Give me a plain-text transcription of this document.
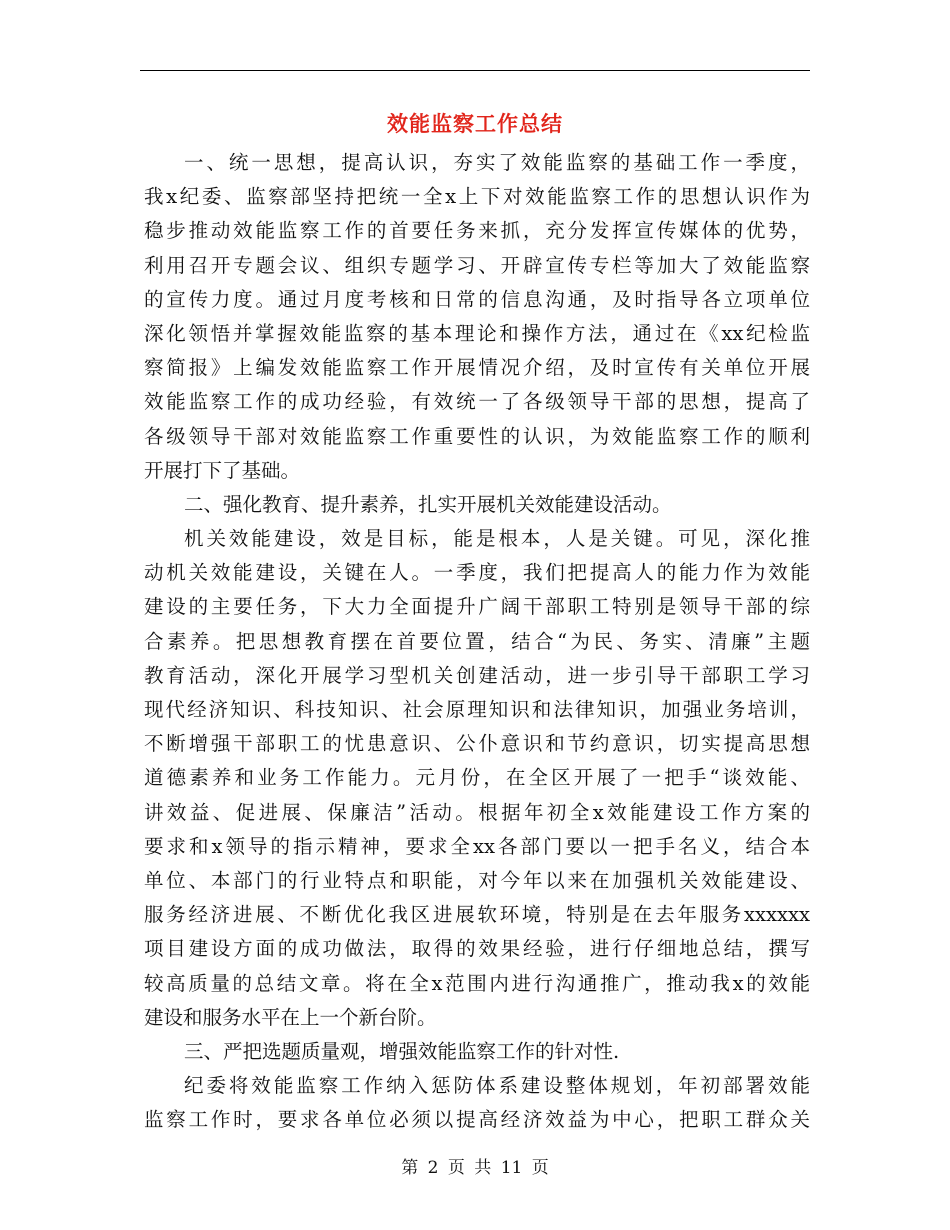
效能监察工作总结
一、统一思想，提高认识，夯实了效能监察的基础工作一季度，
我x纪委、监察部坚持把统一全x上下对效能监察工作的思想认识作为
稳步推动效能监察工作的首要任务来抓，充分发挥宣传媒体的优势，
利用召开专题会议、组织专题学习、开辟宣传专栏等加大了效能监察
的宣传力度。通过月度考核和日常的信息沟通，及时指导各立项单位
深化领悟并掌握效能监察的基本理论和操作方法，通过在《xx纪检监
察简报》上编发效能监察工作开展情况介绍，及时宣传有关单位开展
效能监察工作的成功经验，有效统一了各级领导干部的思想，提高了
各级领导干部对效能监察工作重要性的认识，为效能监察工作的顺利
开展打下了基础。
二、强化教育、提升素养，扎实开展机关效能建设活动。
机关效能建设，效是目标，能是根本，人是关键。可见，深化推
动机关效能建设，关键在人。一季度，我们把提高人的能力作为效能
建设的主要任务，下大力全面提升广阔干部职工特别是领导干部的综
合素养。把思想教育摆在首要位置，结合“为民、务实、清廉”主题
教育活动，深化开展学习型机关创建活动，进一步引导干部职工学习
现代经济知识、科技知识、社会原理知识和法律知识，加强业务培训，
不断增强干部职工的忧患意识、公仆意识和节约意识，切实提高思想
道德素养和业务工作能力。元月份，在全区开展了一把手“谈效能、
讲效益、促进展、保廉洁”活动。根据年初全x效能建设工作方案的
要求和x领导的指示精神，要求全xx各部门要以一把手名义，结合本
单位、本部门的行业特点和职能，对今年以来在加强机关效能建设、
服务经济进展、不断优化我区进展软环境，特别是在去年服务xxxxxx
项目建设方面的成功做法，取得的效果经验，进行仔细地总结，撰写
较高质量的总结文章。将在全x范围内进行沟通推广，推动我x的效能
建设和服务水平在上一个新台阶。
三、严把选题质量观，增强效能监察工作的针对性.
纪委将效能监察工作纳入惩防体系建设整体规划，年初部署效能
监察工作时，要求各单位必须以提高经济效益为中心，把职工群众关
第 2 页 共 11 页
